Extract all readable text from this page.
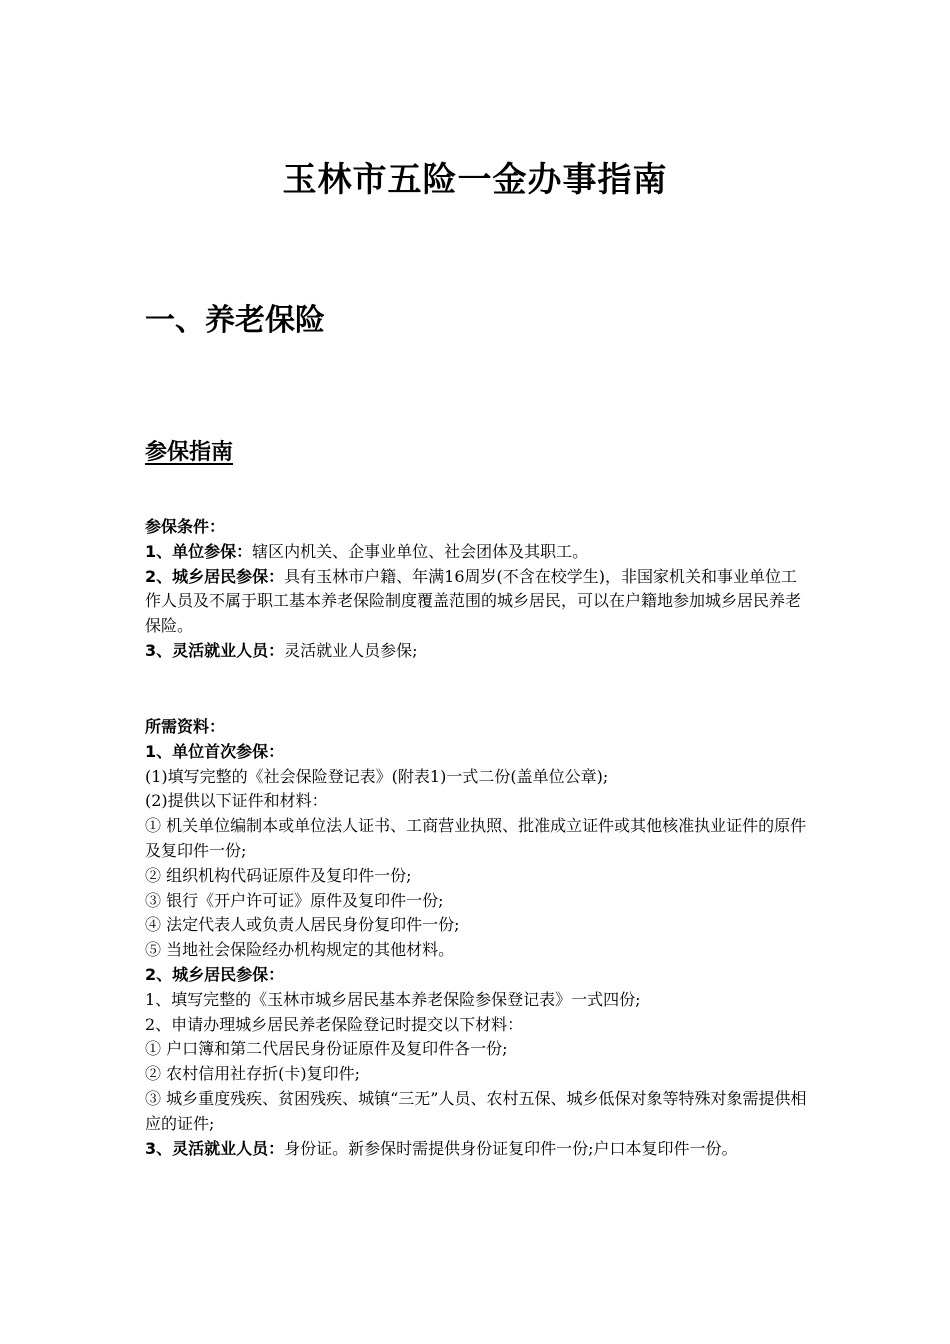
玉林市五险一金办事指南
一、养老保险
参保指南

参保条件：

1、单位参保：辖区内机关、企事业单位、社会团体及其职工。

2、城乡居民参保：具有玉林市户籍、年满16周岁(不含在校学生)，非国家机关和事业单位工作人员及不属于职工基本养老保险制度覆盖范围的城乡居民，可以在户籍地参加城乡居民养老保险。

3、灵活就业人员：灵活就业人员参保;

所需资料：

1、单位首次参保：

(1)填写完整的《社会保险登记表》(附表1)一式二份(盖单位公章);

(2)提供以下证件和材料：

① 机关单位编制本或单位法人证书、工商营业执照、批准成立证件或其他核准执业证件的原件及复印件一份;

② 组织机构代码证原件及复印件一份;

③ 银行《开户许可证》原件及复印件一份;

④ 法定代表人或负责人居民身份复印件一份;

⑤ 当地社会保险经办机构规定的其他材料。

2、城乡居民参保：

1、填写完整的《玉林市城乡居民基本养老保险参保登记表》一式四份;

2、申请办理城乡居民养老保险登记时提交以下材料：

① 户口簿和第二代居民身份证原件及复印件各一份;

② 农村信用社存折(卡)复印件;

③ 城乡重度残疾、贫困残疾、城镇“三无”人员、农村五保、城乡低保对象等特殊对象需提供相应的证件;

3、灵活就业人员：身份证。新参保时需提供身份证复印件一份;户口本复印件一份。
